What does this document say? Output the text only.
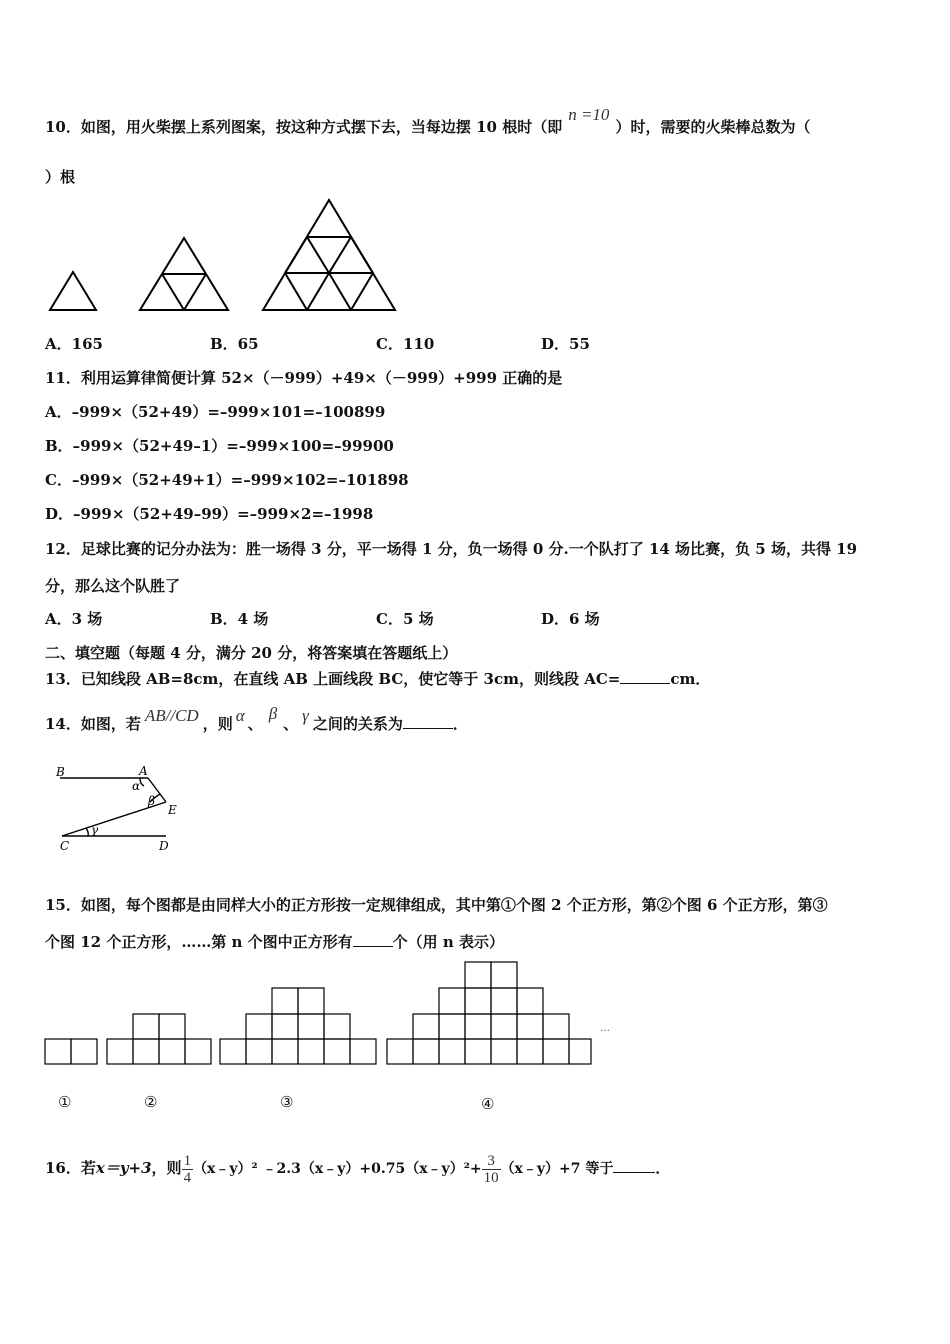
10．如图，用火柴摆上系列图案，按这种方式摆下去，当每边摆 10 根时（即n =10）时，需要的火柴棒总数为（
）根
A．165	B．65	C．110	D．55
11．利用运算律简便计算 52×（－999）+49×（－999）+999 正确的是
A．–999×（52+49）=–999×101=–100899
B．–999×（52+49–1）=–999×100=–99900
C．–999×（52+49+1）=–999×102=–101898
D．–999×（52+49–99）=–999×2=–1998
12．足球比赛的记分办法为：胜一场得 3 分，平一场得 1 分，负一场得 0 分.一个队打了 14 场比赛，负 5 场，共得 19
分，那么这个队胜了
A．3 场	B．4 场	C．5 场	D．6 场
二、填空题（每题 4 分，满分 20 分，将答案填在答题纸上）
13．已知线段 AB=8cm，在直线 AB 上画线段 BC，使它等于 3cm，则线段 AC=	cm．
14．如图，若 AB//CD ，则 α 、β、 γ 之间的关系为	．
B	A
α
β
E
γ
C	D
15．如图，每个图都是由同样大小的正方形按一定规律组成，其中第①个图 2 个正方形，第②个图 6 个正方形，第③
个图 12 个正方形，……第 n 个图中正方形有	个（用 n 表示）
…
①	②	③	④
16．若x＝y+3，则 $\frac{1}{4}$ （x﹣y）² ﹣2.3（x﹣y）+0.75（x﹣y）²+ $\frac{3}{10}$ （x﹣y）+7 等于	．
